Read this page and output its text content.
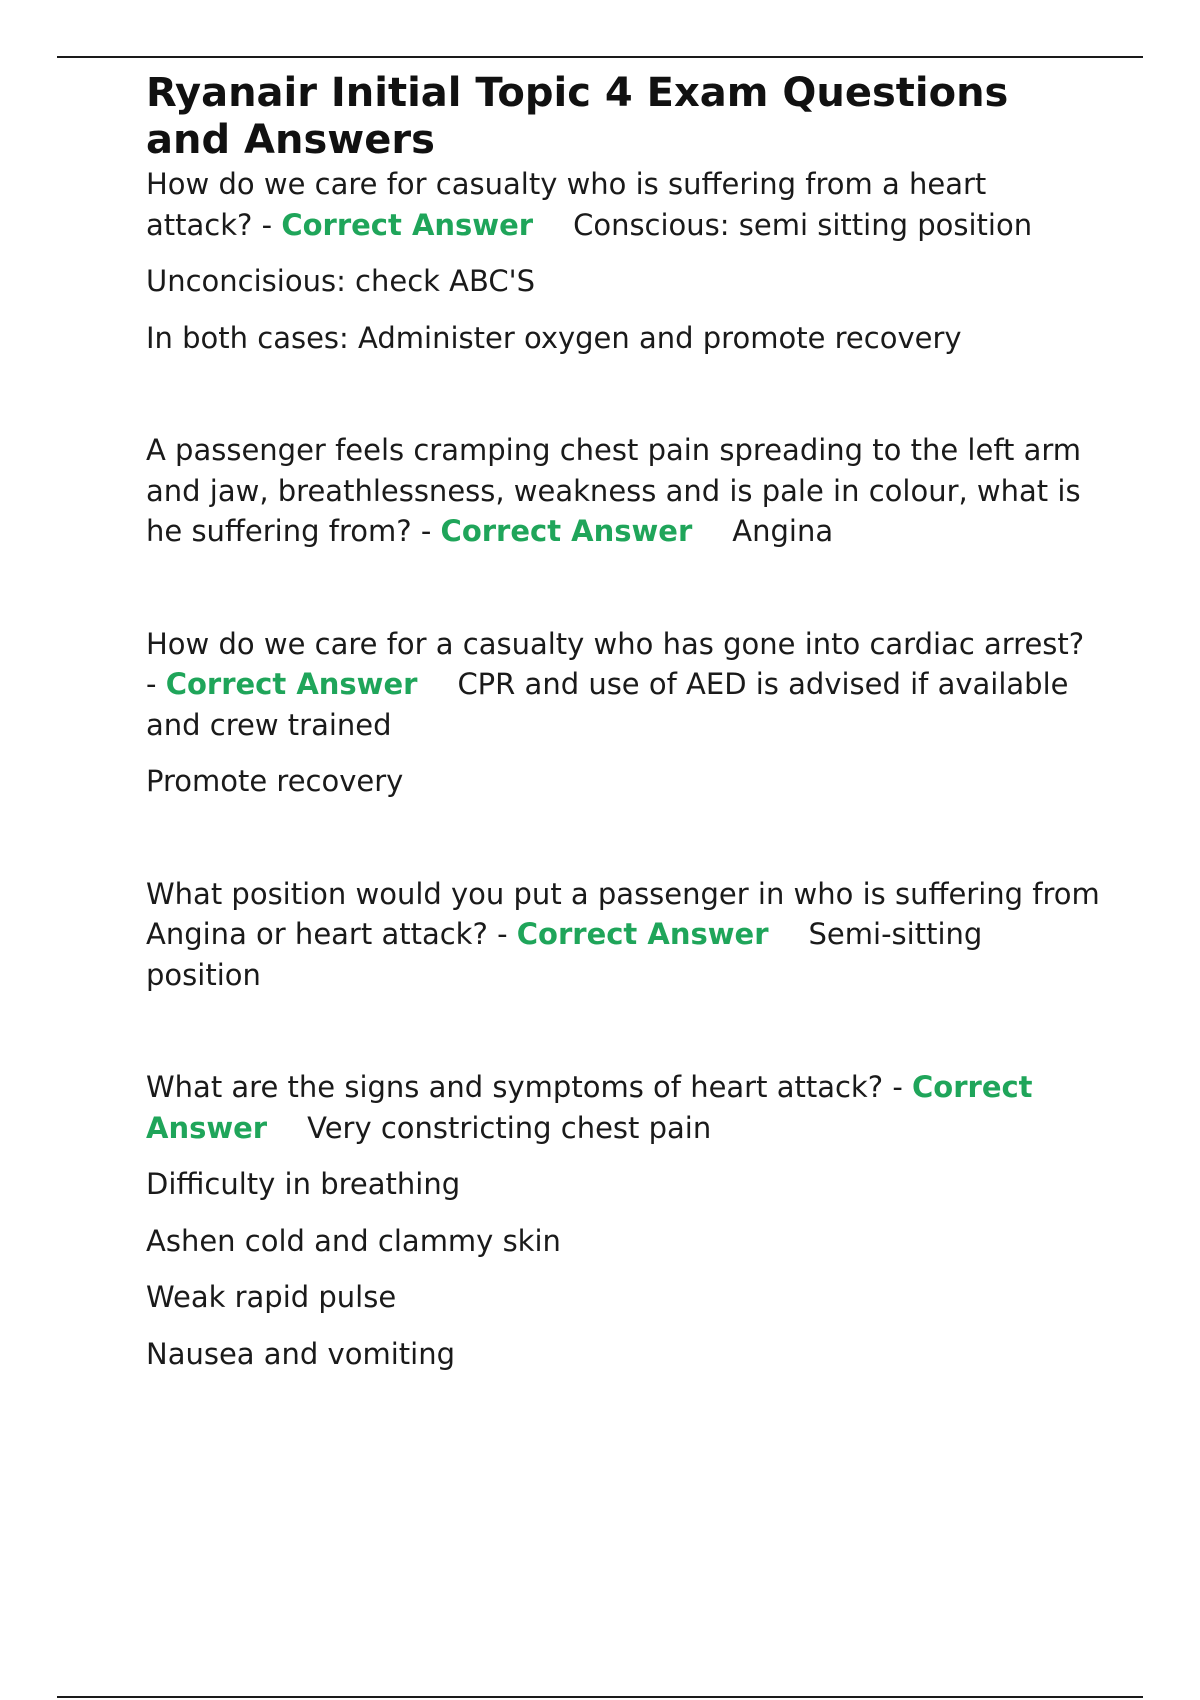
Ryanair Initial Topic 4 Exam Questions and Answers

How do we care for casualty who is suffering from a heart attack? - Correct Answer Conscious: semi sitting position

Unconcisious: check ABC'S

In both cases: Administer oxygen and promote recovery

A passenger feels cramping chest pain spreading to the left arm and jaw, breathlessness, weakness and is pale in colour, what is he suffering from? - Correct Answer Angina

How do we care for a casualty who has gone into cardiac arrest? - Correct Answer CPR and use of AED is advised if available and crew trained

Promote recovery

What position would you put a passenger in who is suffering from Angina or heart attack? - Correct Answer Semi-sitting position

What are the signs and symptoms of heart attack? - Correct Answer Very constricting chest pain

Difficulty in breathing

Ashen cold and clammy skin

Weak rapid pulse

Nausea and vomiting
